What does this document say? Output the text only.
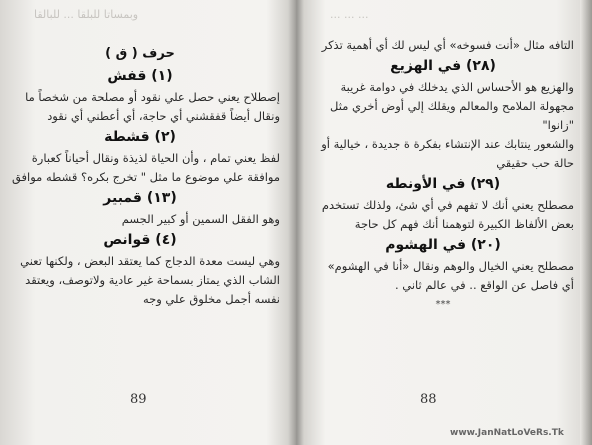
وبمساتا للبلقا ... للبالقا	... ... ...
حرف ( ق )
(١) قفش

إصطلاح يعني حصل علي نقود أو مصلحة من شخصاً ما ونقال أيضاً قفقشني أي حاجة، أي أعطني أي نقود

(٢) قشطة

لفظ يعني تمام ، وأن الحياة لذيذة ونقال أحياناً كعبارة موافقة علي موضوع ما مثل " تخرج بكره؟ قشطه موافق

(١٣) قمبير

وهو الفقل السمين أو كبير الجسم

(٤) قوانص

وهي ليست معدة الدجاج كما يعتقد البعض ، ولكنها تعني الشاب الذي يمتاز بسماحة غير عادية ولاتوصف، ويعتقد نفسه أجمل مخلوق علي وجه

89

التافه مثال «أنت فسوخه» أي ليس لك أي أهمية تذكر

(٢٨) في الهزيع

والهزيع هو الأحساس الذي يدخلك في دوامة غريبة مجهولة الملامح والمعالم ويقلك إلي أوض أخري مثل "زانوا"

والشعور ينتابك عند الإنتشاء بفكرة ة جديدة ، خيالية أو حالة حب حقيقي

(٢٩) في الأونطه

مصطلح يعني أنك لا تفهم في أي شئ، ولذلك تستخدم بعض الألفاظ الكبيرة لتوهمنا أنك فهم كل حاجة

(٢٠) في الهشوم

مصطلح يعني الخيال والوهم ونقال «أنا في الهشوم» أي فاصل عن الواقع .. في عالم ثاني .

***
88
www.JanNatLoVeRs.Tk
